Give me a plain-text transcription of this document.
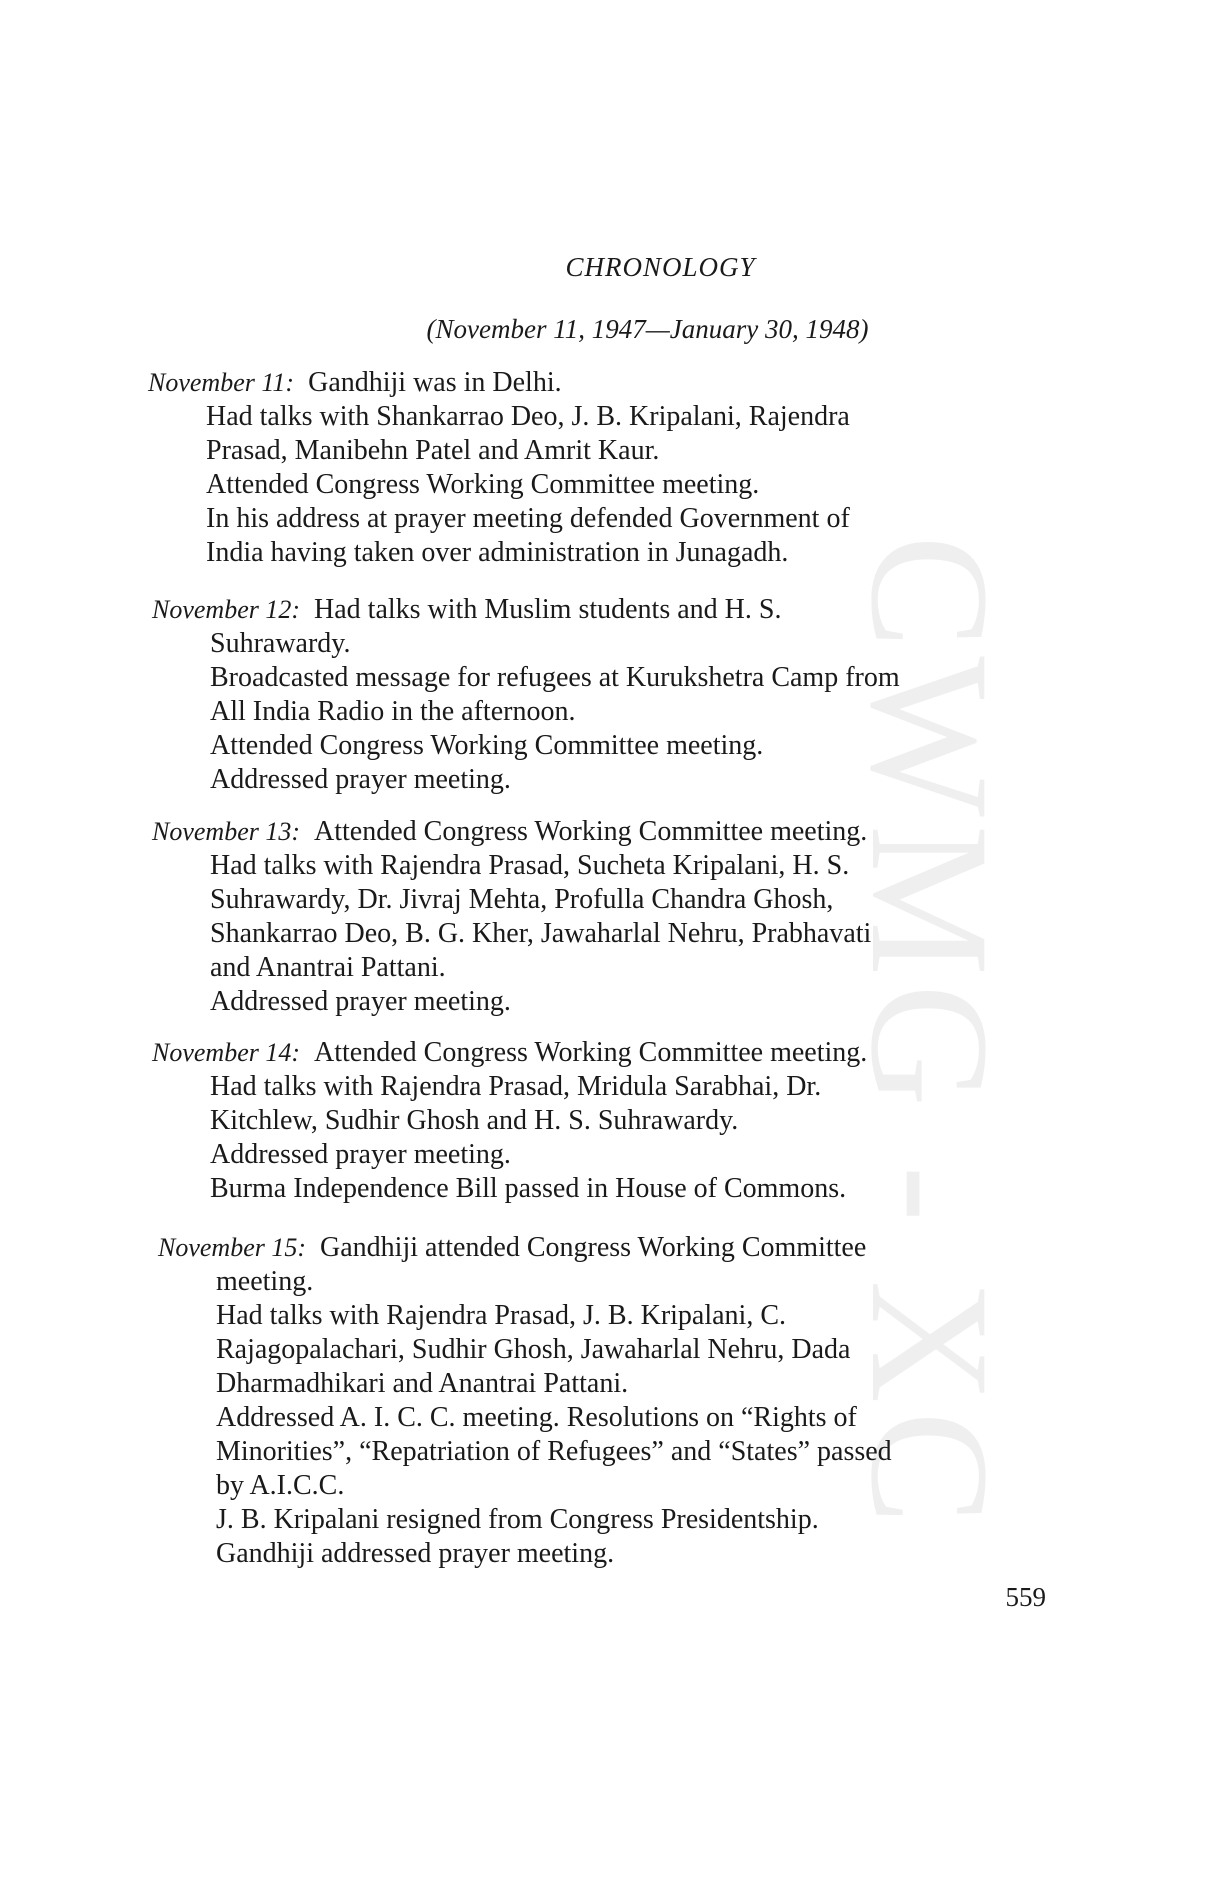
CWMG - XC
CHRONOLOGY
(November 11, 1947—January 30, 1948)
November 11: Gandhiji was in Delhi.
Had talks with Shankarrao Deo, J. B. Kripalani, Rajendra
Prasad, Manibehn Patel and Amrit Kaur.
Attended Congress Working Committee meeting.
In his address at prayer meeting defended Government of
India having taken over administration in Junagadh.
November 12: Had talks with Muslim students and H. S.
Suhrawardy.
Broadcasted message for refugees at Kurukshetra Camp from
All India Radio in the afternoon.
Attended Congress Working Committee meeting.
Addressed prayer meeting.
November 13: Attended Congress Working Committee meeting.
Had talks with Rajendra Prasad, Sucheta Kripalani, H. S.
Suhrawardy, Dr. Jivraj Mehta, Profulla Chandra Ghosh,
Shankarrao Deo, B. G. Kher, Jawaharlal Nehru, Prabhavati
and Anantrai Pattani.
Addressed prayer meeting.
November 14: Attended Congress Working Committee meeting.
Had talks with Rajendra Prasad, Mridula Sarabhai, Dr.
Kitchlew, Sudhir Ghosh and H. S. Suhrawardy.
Addressed prayer meeting.
Burma Independence Bill passed in House of Commons.
November 15: Gandhiji attended Congress Working Committee
meeting.
Had talks with Rajendra Prasad, J. B. Kripalani, C.
Rajagopalachari, Sudhir Ghosh, Jawaharlal Nehru, Dada
Dharmadhikari and Anantrai Pattani.
Addressed A. I. C. C. meeting. Resolutions on “Rights of
Minorities”, “Repatriation of Refugees” and “States” passed
by A.I.C.C.
J. B. Kripalani resigned from Congress Presidentship.
Gandhiji addressed prayer meeting.
559
